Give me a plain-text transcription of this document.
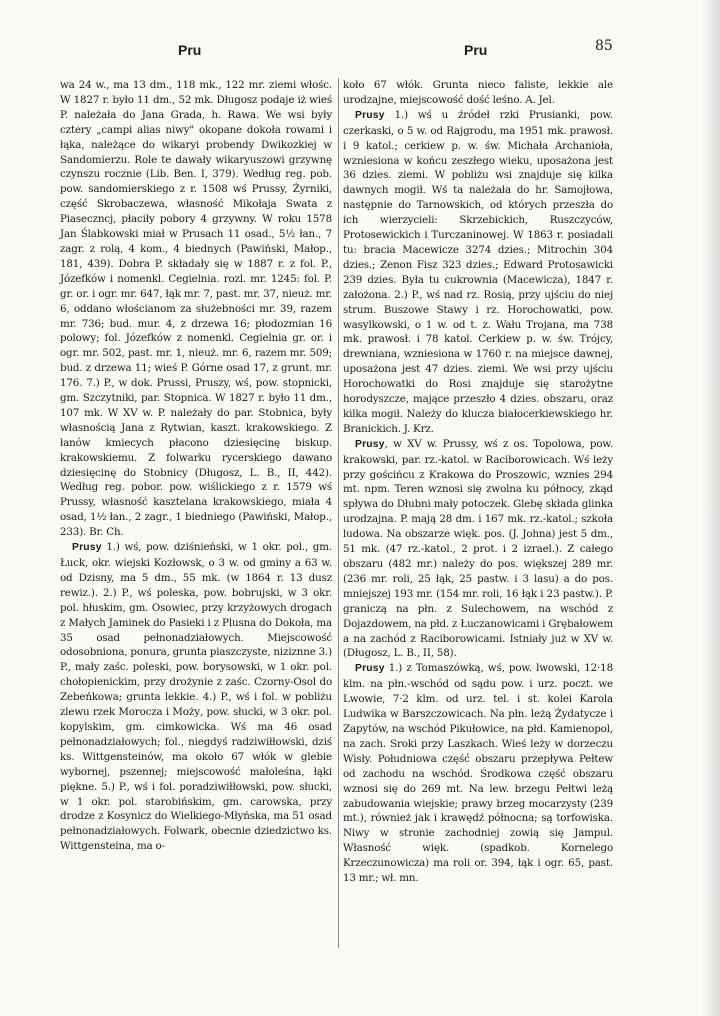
Pru	Pru	85

wa 24 w., ma 13 dm., 118 mk., 122 mr. ziemi włośc. W 1827 r. było 11 dm., 52 mk. Długosz podaje iż wieś P. należała do Jana Grada, h. Rawa. We wsi były cztery „campi alias niwy" okopane dokoła rowami i łąka, należące do wikaryi probendy Dwikozkiej w Sandomierzu. Role te dawały wikaryuszowi grzywnę czynszu rocznie (Lib. Ben. I, 379). Według reg. pob. pow. sandomierskiego z r. 1508 wś Prussy, Żyrniki, część Skrobaczewa, własność Mikołaja Swata z Piaseczncj, płaciły pobory 4 grzywny. W roku 1578 Jan Ślabkowski miał w Prusach 11 osad., 5½ łan., 7 zagr. z rolą, 4 kom., 4 biednych (Pawiński, Małop., 181, 439). Dobra P. składały się w 1887 r. z fol. P., Józefków i nomenkl. Cegielnia. rozl. mr. 1245: fol. P. gr. or. i ogr. mr. 647, łąk mr. 7, past. mr. 37, nieuż. mr. 6, oddano włościanom za służebności mr. 39, razem mr. 736; bud. mur. 4, z drzewa 16; płodozmian 16 polowy; fol. Józefków z nomenkl. Cegielnia gr. or. i ogr. mr. 502, past. mr. 1, nieuż. mr. 6, razem mr. 509; bud. z drzewa 11; wieś P. Górne osad 17, z grunt. mr. 176. 7.) P., w dok. Prussi, Pruszy, wś, pow. stopnicki, gm. Szczytniki, par. Stopnica. W 1827 r. było 11 dm., 107 mk. W XV w. P. należały do par. Stobnica, były własnością Jana z Rytwian, kaszt. krakowskiego. Z łanów kmiecych płacono dziesięcinę biskup. krakowskiemu. Z folwarku rycerskiego dawano dziesięcinę do Stobnicy (Długosz, L. B., II, 442). Według reg. pobor. pow. wiślickiego z r. 1579 wś Prussy, własność kasztelana krakowskiego, miała 4 osad, 1½ łan., 2 zagr., 1 biedniego (Pawiński, Małop., 233). Br. Ch.

Prusy 1.) wś, pow. dziśnieński, w 1 okr. pol., gm. Łuck, okr. wiejski Kozłowsk, o 3 w. od gminy a 63 w. od Dzisny, ma 5 dm., 55 mk. (w 1864 r. 13 dusz rewiz.). 2.) P., wś poleska, pow. bobrujski, w 3 okr. pol. hłuskim, gm. Osowiec, przy krzyżowych drogach z Małych Jaminek do Pasieki i z Plusna do Dokoła, ma 35 osad pełnonadziałowych. Miejscowość odosobniona, ponura, grunta piaszczyste, niziznne 3.) P., mały zaśc. poleski, pow. borysowski, w 1 okr. pol. chołopienickim, przy drożynie z zaśc. Czorny-Osol do Zebeńkowa; grunta lekkie. 4.) P., wś i fol. w pobliżu zlewu rzek Morocza i Możу, pow. słuckі, w 3 okr. pol. kopylskim, gm. cimkowicka. Wś ma 46 osad pełnonadziałowych; fol., niegdyś radziwiłłowski, dziś ks. Wittgensteinów, ma około 67 włók w glebie wybornej, pszennej; miejscowość małoleśna, łąki piękne. 5.) P., wś i fol. poradziwiłłowski, pow. słucki, w 1 okr. pol. starobińskim, gm. carowska, przy drodze z Kosynicz do Wielkiego-Młyńska, ma 51 osad pełnonadziałowych. Folwark, obecnie dziedzictwo ks. Wittgensteina, ma o-

koło 67 włók. Grunta nieco faliste, lekkie ale urodzajne, miejscowość dość leśno. A. Jel.

Prusy 1.) wś u źródeł rzki Prusianki, pow. czerkaski, o 5 w. od Rajgrodu, ma 1951 mk. prawosł. i 9 katol.; cerkiew p. w. św. Michała Archanioła, wzniesiona w końcu zeszłego wieku, uposażona jest 36 dzies. ziemi. W pobliżu wsi znajduje się kilka dawnych mogił. Wś ta należała do hr. Samojłowa, następnie do Tarnowskich, od których przeszła do ich wierzycieli: Skrzebickich, Ruszczyców, Protosewickich i Turczaninowej. W 1863 r. posiadali tu: bracia Macewicze 3274 dzies.; Mitrochin 304 dzies.; Zenon Fisz 323 dzies.; Edward Protosawicki 239 dzies. Była tu cukrownia (Macewicza), 1847 r. założona. 2.) P., wś nad rz. Rosią, przy ujściu do niej strum. Buszowe Stawy i rz. Horochowatki, pow. wasylkowski, o 1 w. od t. z. Wału Trojana, ma 738 mk. prawosł. i 78 katol. Cerkiew p. w. św. Trójcy, drewniana, wzniesiona w 1760 r. na miejsce dawnej, uposażona jest 47 dzies. ziemi. We wsi przy ujściu Horochowatki do Rosi znajduje się starożytne horodyszcze, mające przeszło 4 dzies. obszaru, oraz kilka mogił. Należy do klucza białocerkiewskiego hr. Branickich. J. Krz.

Prusy, w XV w. Prussy, wś z os. Topolowa, pow. krakowski, par. rz.-katol. w Raciborowicach. Wś leży przy gościńcu z Krakowa do Proszowic, wznies 294 mt. npm. Teren wznosi się zwolna ku północy, zkąd spływa do Dłubni mały potoczek. Glebę składa glinka urodzajna. P. mają 28 dm. i 167 mk. rz.-katol.; szkoła ludowa. Na obszarze więk. pos. (J. Johna) jest 5 dm., 51 mk. (47 rz.-katol., 2 prot. i 2 izrael.). Z całego obszaru (482 mr.) należy do pos. większej 289 mr. (236 mr. roli, 25 łąk, 25 pastw. i 3 lasu) a do pos. mniejszej 193 mr. (154 mr. roli, 16 łąk i 23 pastw.). P. graniczą na płn. z Sulechowem, na wschód z Dojazdowem, na płd. z Łuczanowicami i Grębałowem a na zachód z Raciborowicami. Istniały już w XV w. (Długosz, L. B., II, 58).

Prusy 1.) z Tomaszówką, wś, pow. lwowski, 12·18 klm. na płn.-wschód od sądu pow. i urz. poczt. we Lwowie, 7·2 klm. od urz. tel. i st. kolei Karola Ludwika w Barszczowicach. Na płn. leżą Żydatycze i Zapytów, na wschód Pikułowicе, na płd. Kamienopol, na zach. Sroki przy Laszkach. Wieś leży w dorzeczu Wisły. Południowa część obszaru przepływa Pełtew od zachodu na wschód. Środkowa część obszaru wznosi się do 269 mt. Na lew. brzegu Pełtwi leżą zabudowania wiejskie; prawy brzeg mocarzysty (239 mt.), również jak i krawędź północna; są torfowiska. Niwy w stronie zachodniej zowią się Jampul. Własność więk. (spadkob. Kornelego Krzeczunowicza) ma roli or. 394, łąk i ogr. 65, past. 13 mr.; wł. mn.
